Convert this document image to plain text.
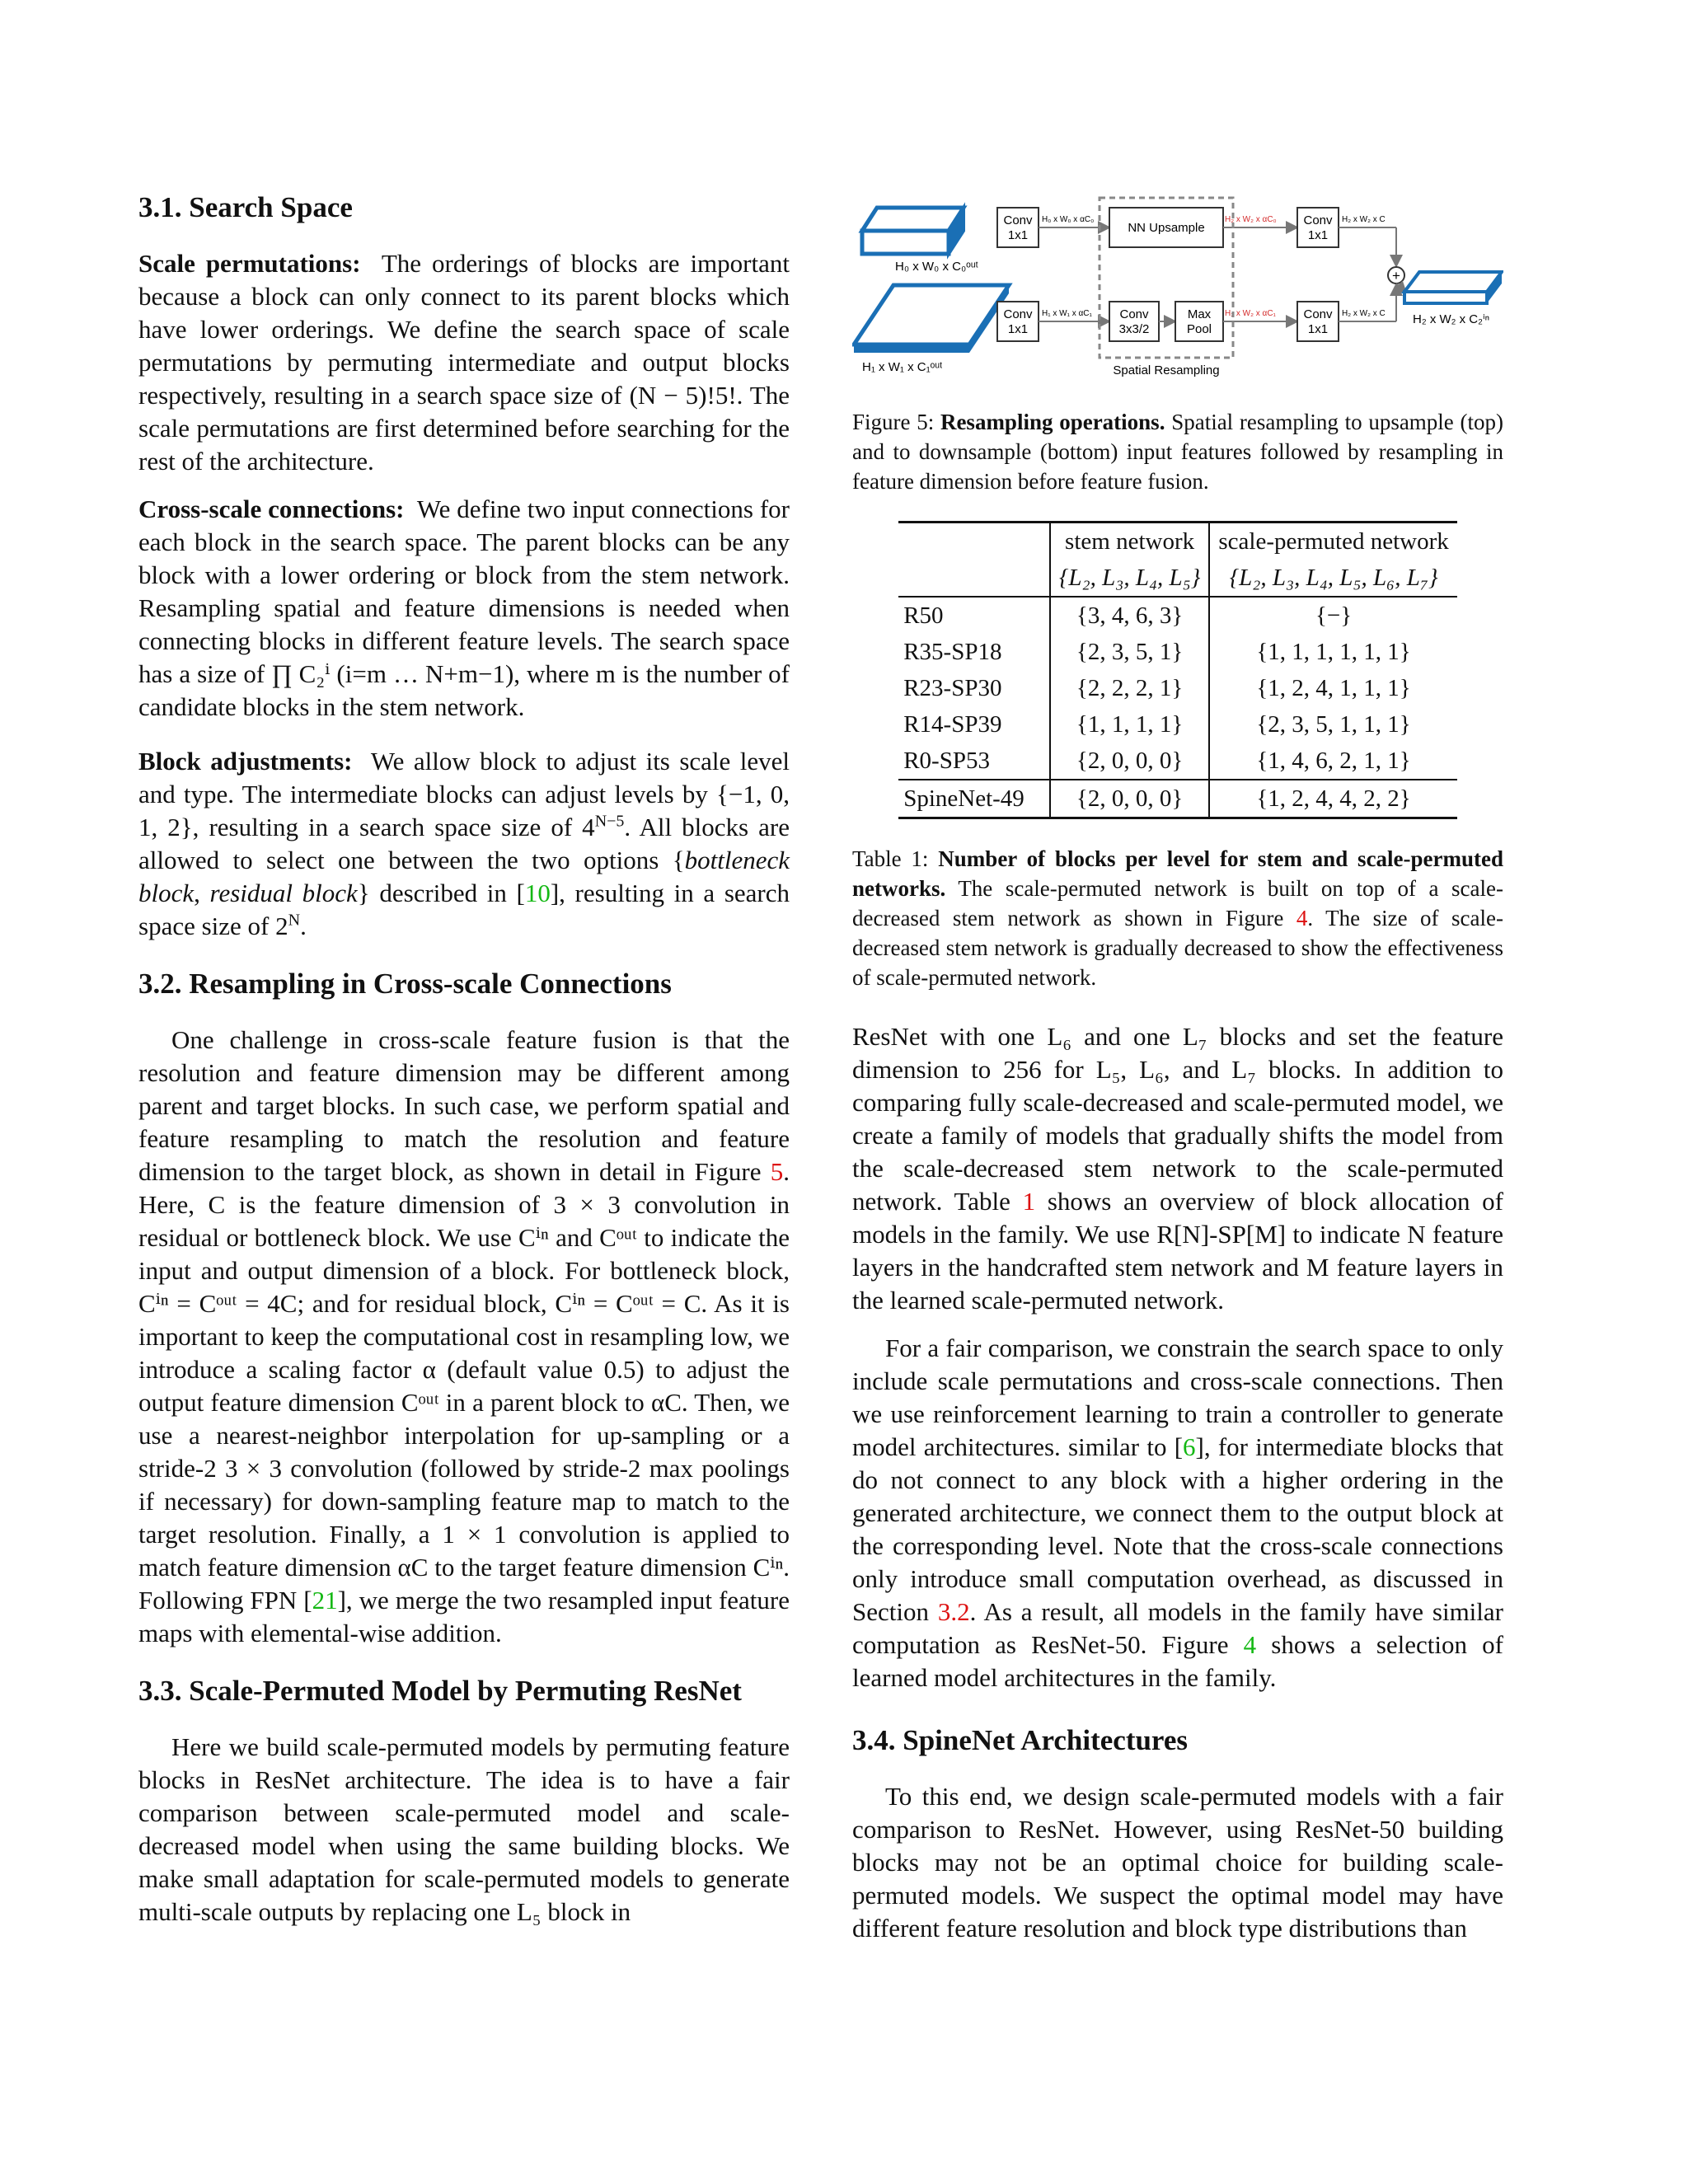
3.1. Search Space

Scale permutations: The orderings of blocks are important because a block can only connect to its parent blocks which have lower orderings. We define the search space of scale permutations by permuting intermediate and output blocks respectively, resulting in a search space size of (N − 5)!5!. The scale permutations are first determined before searching for the rest of the architecture.

Cross-scale connections: We define two input connections for each block in the search space. The parent blocks can be any block with a lower ordering or block from the stem network. Resampling spatial and feature dimensions is needed when connecting blocks in different feature levels. The search space has a size of ∏ C₂ⁱ (i=m … N+m−1), where m is the number of candidate blocks in the stem network.

Block adjustments: We allow block to adjust its scale level and type. The intermediate blocks can adjust levels by {−1, 0, 1, 2}, resulting in a search space size of $4^{N-5}$. All blocks are allowed to select one between the two options {bottleneck block, residual block} described in [10], resulting in a search space size of $2^N$.

3.2. Resampling in Cross-scale Connections

One challenge in cross-scale feature fusion is that the resolution and feature dimension may be different among parent and target blocks. In such case, we perform spatial and feature resampling to match the resolution and feature dimension to the target block, as shown in detail in Figure 5. Here, C is the feature dimension of 3 × 3 convolution in residual or bottleneck block. We use Cⁱⁿ and Cᵒᵘᵗ to indicate the input and output dimension of a block. For bottleneck block, Cⁱⁿ = Cᵒᵘᵗ = 4C; and for residual block, Cⁱⁿ = Cᵒᵘᵗ = C. As it is important to keep the computational cost in resampling low, we introduce a scaling factor α (default value 0.5) to adjust the output feature dimension Cᵒᵘᵗ in a parent block to αC. Then, we use a nearest-neighbor interpolation for up-sampling or a stride-2 3 × 3 convolution (followed by stride-2 max poolings if necessary) for down-sampling feature map to match to the target resolution. Finally, a 1 × 1 convolution is applied to match feature dimension αC to the target feature dimension Cⁱⁿ. Following FPN [21], we merge the two resampled input feature maps with elemental-wise addition.

3.3. Scale-Permuted Model by Permuting ResNet

Here we build scale-permuted models by permuting feature blocks in ResNet architecture. The idea is to have a fair comparison between scale-permuted model and scale-decreased model when using the same building blocks. We make small adaptation for scale-permuted models to generate multi-scale outputs by replacing one L₅ block in

H₀ x W₀ x C₀ᵒᵘᵗ
H₁ x W₁ x C₁ᵒᵘᵗ
Conv
1x1
H₀ x W₀ x αC₀
NN Upsample
H₂ x W₂ x αC₀ Conv
1x1
H₂ x W₂ x C
Conv
1x1
H₁ x W₁ x αC₁ Conv
3x3/2
Max
Pool
H₂ x W₂ x αC₁ Conv
1x1
H₂ x W₂ x C
+
H₂ x W₂ x C₂ⁱⁿ
Spatial Resampling

Figure 5: Resampling operations. Spatial resampling to upsample (top) and to downsample (bottom) input features followed by resampling in feature dimension before feature fusion.

	stem network	scale-permuted network
	{L₂, L₃, L₄, L₅}	{L₂, L₃, L₄, L₅, L₆, L₇}
R50	{3, 4, 6, 3}	{−}
R35-SP18	{2, 3, 5, 1}	{1, 1, 1, 1, 1, 1}
R23-SP30	{2, 2, 2, 1}	{1, 2, 4, 1, 1, 1}
R14-SP39	{1, 1, 1, 1}	{2, 3, 5, 1, 1, 1}
R0-SP53	{2, 0, 0, 0}	{1, 4, 6, 2, 1, 1}
SpineNet-49	{2, 0, 0, 0}	{1, 2, 4, 4, 2, 2}

Table 1: Number of blocks per level for stem and scale-permuted networks. The scale-permuted network is built on top of a scale-decreased stem network as shown in Figure 4. The size of scale-decreased stem network is gradually decreased to show the effectiveness of scale-permuted network.

ResNet with one L₆ and one L₇ blocks and set the feature dimension to 256 for L₅, L₆, and L₇ blocks. In addition to comparing fully scale-decreased and scale-permuted model, we create a family of models that gradually shifts the model from the scale-decreased stem network to the scale-permuted network. Table 1 shows an overview of block allocation of models in the family. We use R[N]-SP[M] to indicate N feature layers in the handcrafted stem network and M feature layers in the learned scale-permuted network.

For a fair comparison, we constrain the search space to only include scale permutations and cross-scale connections. Then we use reinforcement learning to train a controller to generate model architectures. similar to [6], for intermediate blocks that do not connect to any block with a higher ordering in the generated architecture, we connect them to the output block at the corresponding level. Note that the cross-scale connections only introduce small computation overhead, as discussed in Section 3.2. As a result, all models in the family have similar computation as ResNet-50. Figure 4 shows a selection of learned model architectures in the family.

3.4. SpineNet Architectures

To this end, we design scale-permuted models with a fair comparison to ResNet. However, using ResNet-50 building blocks may not be an optimal choice for building scale-permuted models. We suspect the optimal model may have different feature resolution and block type distributions than
